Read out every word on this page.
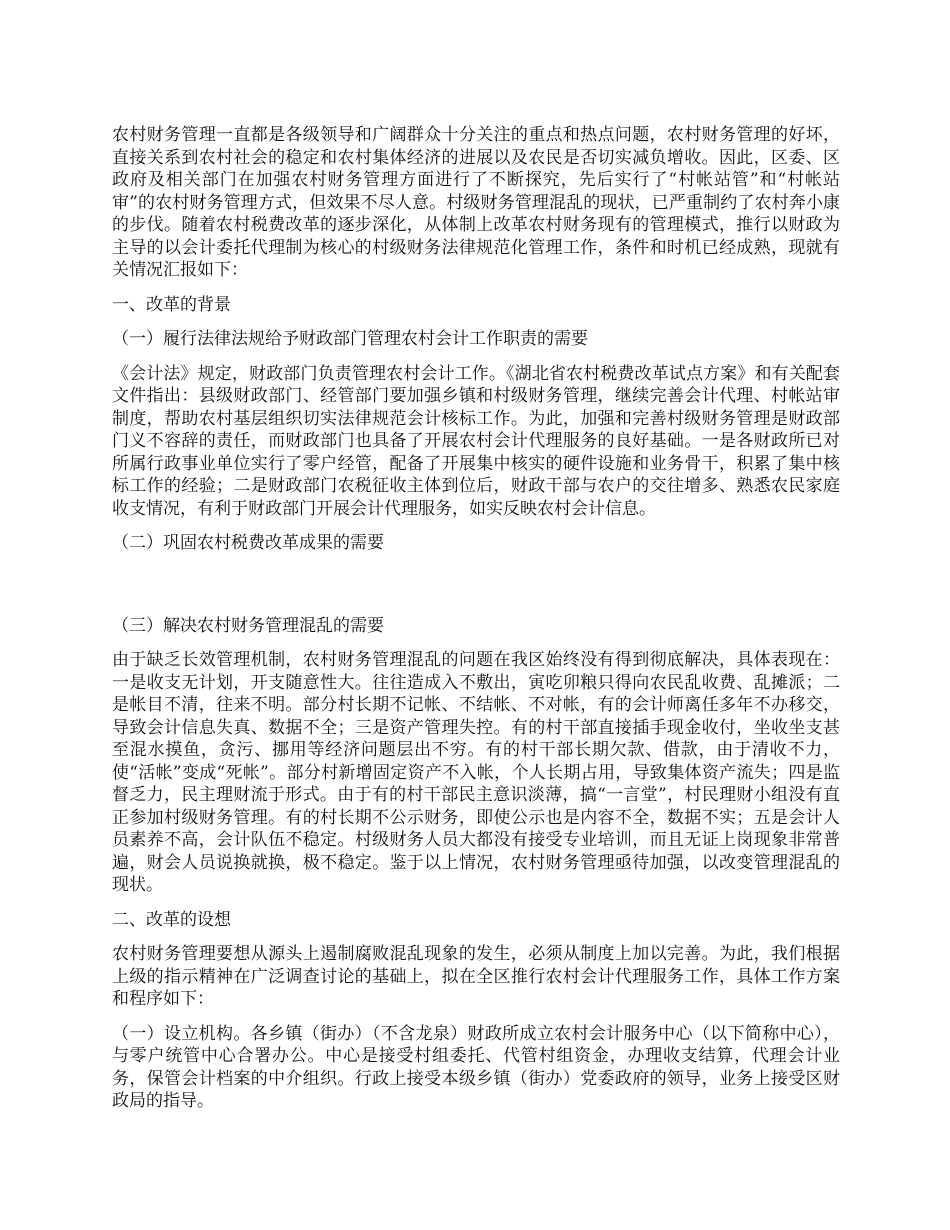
农村财务管理一直都是各级领导和广阔群众十分关注的重点和热点问题，农村财务管理的好坏，直接关系到农村社会的稳定和农村集体经济的进展以及农民是否切实减负增收。因此，区委、区政府及相关部门在加强农村财务管理方面进行了不断探究，先后实行了“村帐站管”和“村帐站审”的农村财务管理方式，但效果不尽人意。村级财务管理混乱的现状，已严重制约了农村奔小康的步伐。随着农村税费改革的逐步深化，从体制上改革农村财务现有的管理模式，推行以财政为主导的以会计委托代理制为核心的村级财务法律规范化管理工作，条件和时机已经成熟，现就有关情况汇报如下：

一、改革的背景

（一）履行法律法规给予财政部门管理农村会计工作职责的需要

《会计法》规定，财政部门负责管理农村会计工作。《湖北省农村税费改革试点方案》和有关配套文件指出：县级财政部门、经管部门要加强乡镇和村级财务管理，继续完善会计代理、村帐站审制度，帮助农村基层组织切实法律规范会计核标工作。为此，加强和完善村级财务管理是财政部门义不容辞的责任，而财政部门也具备了开展农村会计代理服务的良好基础。一是各财政所已对所属行政事业单位实行了零户经管，配备了开展集中核实的硬件设施和业务骨干，积累了集中核标工作的经验；二是财政部门农税征收主体到位后，财政干部与农户的交往增多、熟悉农民家庭收支情况，有利于财政部门开展会计代理服务，如实反映农村会计信息。

（二）巩固农村税费改革成果的需要

（三）解决农村财务管理混乱的需要

由于缺乏长效管理机制，农村财务管理混乱的问题在我区始终没有得到彻底解决，具体表现在：一是收支无计划，开支随意性大。往往造成入不敷出，寅吃卯粮只得向农民乱收费、乱摊派；二是帐目不清，往来不明。部分村长期不记帐、不结帐、不对帐，有的会计师离任多年不办移交，导致会计信息失真、数据不全；三是资产管理失控。有的村干部直接插手现金收付，坐收坐支甚至混水摸鱼，贪污、挪用等经济问题层出不穷。有的村干部长期欠款、借款，由于清收不力，使“活帐”变成“死帐”。部分村新增固定资产不入帐，个人长期占用，导致集体资产流失；四是监督乏力，民主理财流于形式。由于有的村干部民主意识淡薄，搞“一言堂”，村民理财小组没有直正参加村级财务管理。有的村长期不公示财务，即使公示也是内容不全，数据不实；五是会计人员素养不高，会计队伍不稳定。村级财务人员大都没有接受专业培训，而且无证上岗现象非常普遍，财会人员说换就换，极不稳定。鉴于以上情况，农村财务管理亟待加强，以改变管理混乱的现状。

二、改革的设想

农村财务管理要想从源头上遏制腐败混乱现象的发生，必须从制度上加以完善。为此，我们根据上级的指示精神在广泛调查讨论的基础上，拟在全区推行农村会计代理服务工作，具体工作方案和程序如下：

（一）设立机构。各乡镇（街办）（不含龙泉）财政所成立农村会计服务中心（以下简称中心），与零户统管中心合署办公。中心是接受村组委托、代管村组资金，办理收支结算，代理会计业务，保管会计档案的中介组织。行政上接受本级乡镇（街办）党委政府的领导，业务上接受区财政局的指导。
